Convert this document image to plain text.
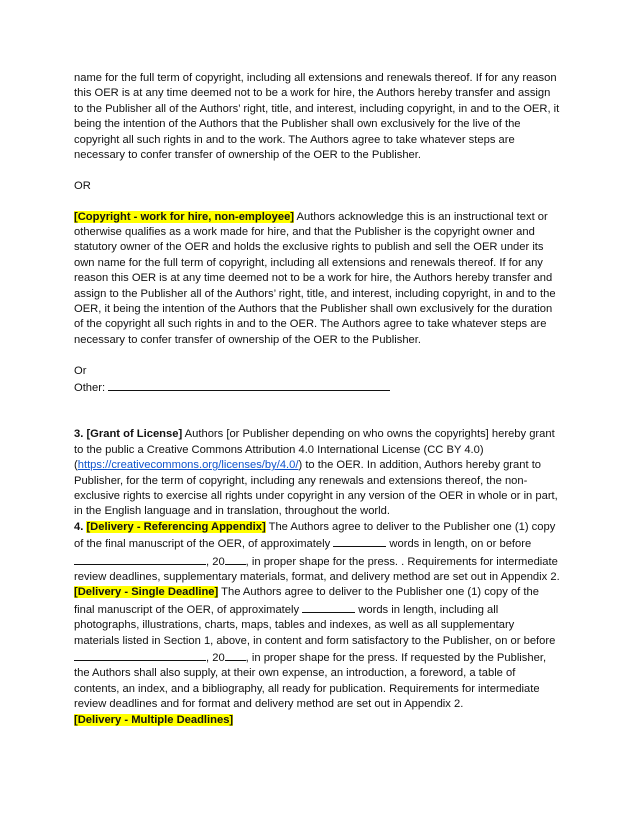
name for the full term of copyright, including all extensions and renewals thereof. If for any reason this OER is at any time deemed not to be a work for hire, the Authors hereby transfer and assign to the Publisher all of the Authors’ right, title, and interest, including copyright, in and to the OER, it being the intention of the Authors that the Publisher shall own exclusively for the live of the copyright all such rights in and to the work. The Authors agree to take whatever steps are necessary to confer transfer of ownership of the OER to the Publisher.

OR

[Copyright - work for hire, non-employee] Authors acknowledge this is an instructional text or otherwise qualifies as a work made for hire, and that the Publisher is the copyright owner and statutory owner of the OER and holds the exclusive rights to publish and sell the OER under its own name for the full term of copyright, including all extensions and renewals thereof. If for any reason this OER is at any time deemed not to be a work for hire, the Authors hereby transfer and assign to the Publisher all of the Authors’ right, title, and interest, including copyright, in and to the OER, it being the intention of the Authors that the Publisher shall own exclusively for the duration of the copyright all such rights in and to the OER. The Authors agree to take whatever steps are necessary to confer transfer of ownership of the OER to the Publisher.

Or

Other:

3. [Grant of License] Authors [or Publisher depending on who owns the copyrights] hereby grant to the public a Creative Commons Attribution 4.0 International License (CC BY 4.0) (https://creativecommons.org/licenses/by/4.0/) to the OER. In addition, Authors hereby grant to Publisher, for the term of copyright, including any renewals and extensions thereof, the non-exclusive rights to exercise all rights under copyright in any version of the OER in whole or in part, in the English language and in translation, throughout the world.

4. [Delivery - Referencing Appendix] The Authors agree to deliver to the Publisher one (1) copy of the final manuscript of the OER, of approximately	words in length, on or before , 20 , in proper shape for the press. . Requirements for intermediate review deadlines, supplementary materials, format, and delivery method are set out in Appendix 2.

[Delivery - Single Deadline] The Authors agree to deliver to the Publisher one (1) copy of the final manuscript of the OER, of approximately	words in length, including all photographs, illustrations, charts, maps, tables and indexes, as well as all supplementary materials listed in Section 1, above, in content and form satisfactory to the Publisher, on or before , 20 , in proper shape for the press. If requested by the Publisher, the Authors shall also supply, at their own expense, an introduction, a foreword, a table of contents, an index, and a bibliography, all ready for publication. Requirements for intermediate review deadlines and for format and delivery method are set out in Appendix 2.

[Delivery - Multiple Deadlines]
